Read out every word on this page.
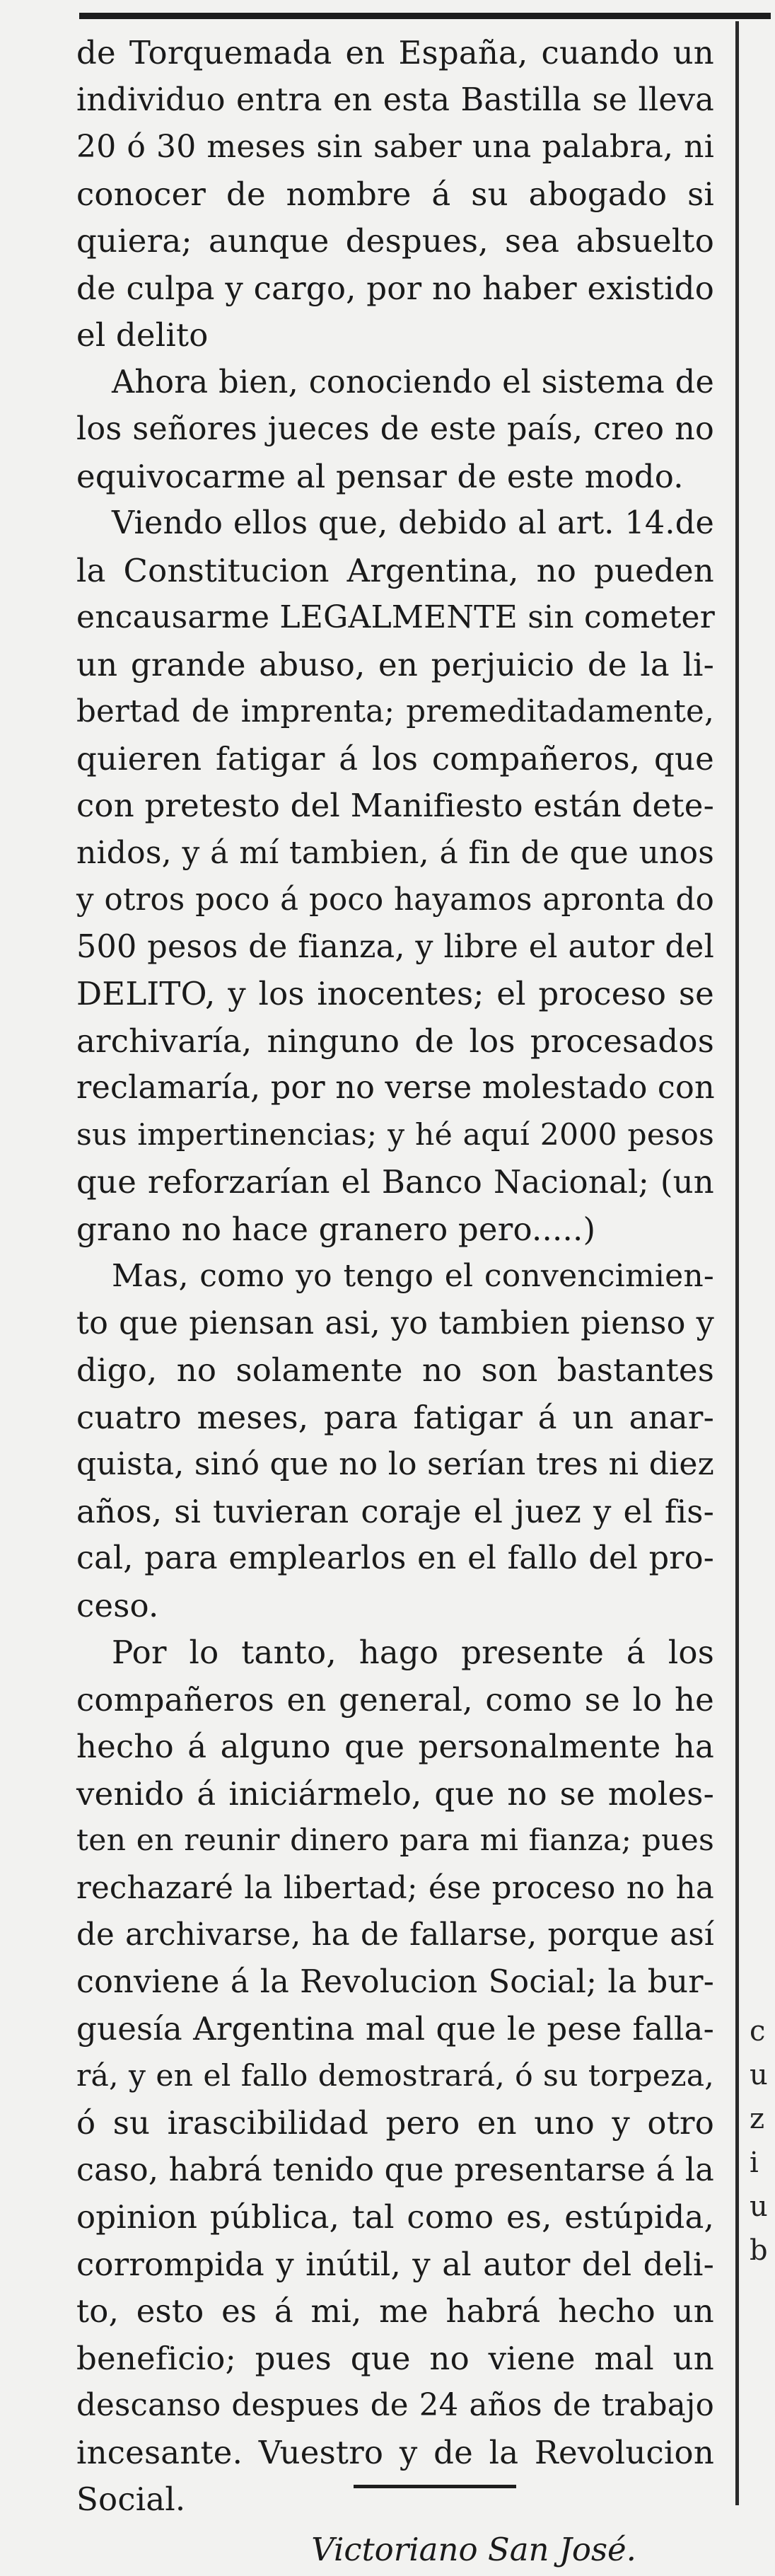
de Torquemada en España, cuando un
individuo entra en esta Bastilla se lleva
20 ó 30 meses sin saber una palabra, ni
conocer de nombre á su abogado si
quiera; aunque despues, sea absuelto
de culpa y cargo, por no haber existido
el delito
Ahora bien, conociendo el sistema de
los señores jueces de este país, creo no
equivocarme al pensar de este modo.
Viendo ellos que, debido al art. 14.de
la Constitucion Argentina, no pueden
encausarme LEGALMENTE sin cometer
un grande abuso, en perjuicio de la li-
bertad de imprenta; premeditadamente,
quieren fatigar á los compañeros, que
con pretesto del Manifiesto están dete-
nidos, y á mí tambien, á fin de que unos
y otros poco á poco hayamos apronta do
500 pesos de fianza, y libre el autor del
DELITO, y los inocentes; el proceso se
archivaría, ninguno de los procesados
reclamaría, por no verse molestado con
sus impertinencias; y hé aquí 2000 pesos
que reforzarían el Banco Nacional; (un
grano no hace granero pero.....)
Mas, como yo tengo el convencimien-
to que piensan asi, yo tambien pienso y
digo, no solamente no son bastantes
cuatro meses, para fatigar á un anar-
quista, sinó que no lo serían tres ni diez
años, si tuvieran coraje el juez y el fis-
cal, para emplearlos en el fallo del pro-
ceso.
Por lo tanto, hago presente á los
compañeros en general, como se lo he
hecho á alguno que personalmente ha
venido á iniciármelo, que no se moles-
ten en reunir dinero para mi fianza; pues
rechazaré la libertad; ése proceso no ha
de archivarse, ha de fallarse, porque así
conviene á la Revolucion Social; la bur-
guesía Argentina mal que le pese falla-
rá, y en el fallo demostrará, ó su torpeza,
ó su irascibilidad pero en uno y otro
caso, habrá tenido que presentarse á la
opinion pública, tal como es, estúpida,
corrompida y inútil, y al autor del deli-
to, esto es á mi, me habrá hecho un
beneficio; pues que no viene mal un
descanso despues de 24 años de trabajo
incesante. Vuestro y de la Revolucion
Social.
Victoriano San José.
c
u
z
i
u
b
